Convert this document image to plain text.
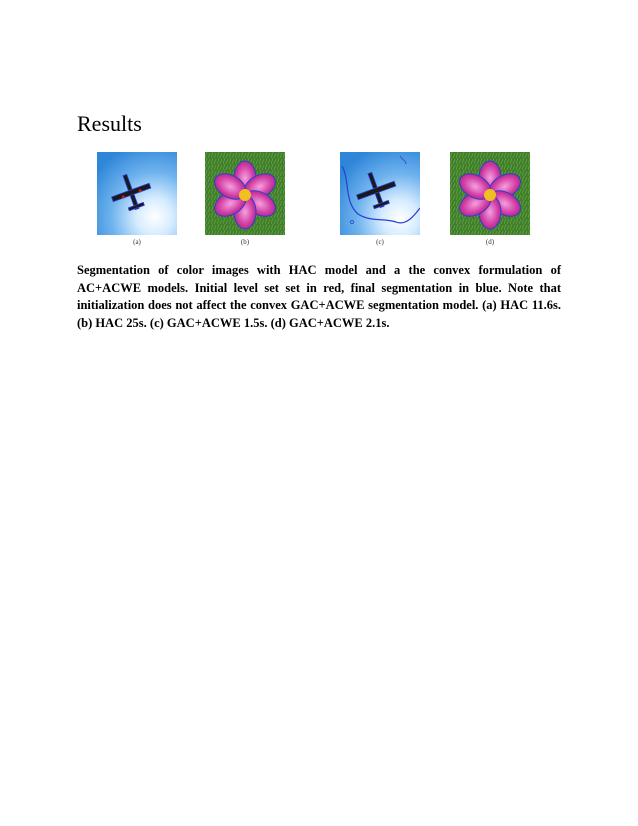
Results
(a)	(b)	(c)	(d)
Segmentation of color images with HAC model and a the convex formulation of AC+ACWE models. Initial level set set in red, final segmentation in blue. Note that initialization does not affect the convex GAC+ACWE segmentation model. (a) HAC 11.6s. (b) HAC 25s. (c) GAC+ACWE 1.5s. (d) GAC+ACWE 2.1s.
